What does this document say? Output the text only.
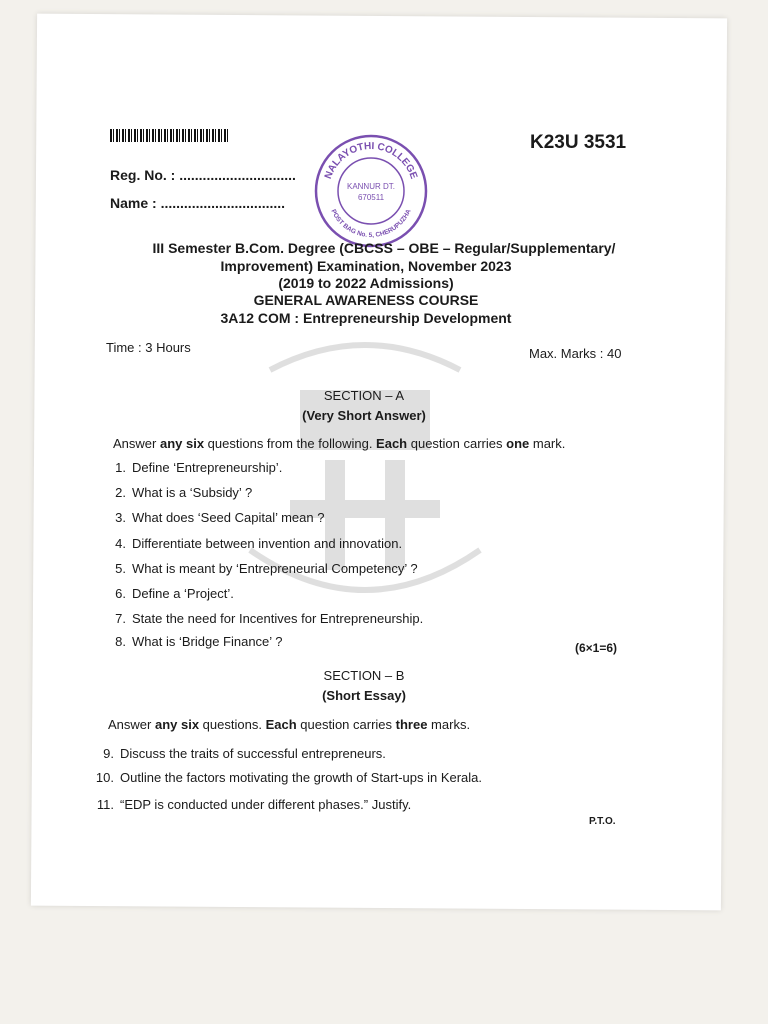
K23U 3531
Reg. No. : ..............................
Name : ................................
NALAYOTHI COLLEGE
POST BAG No. 5, CHERUPUZHA
KANNUR DT.
670511
III Semester B.Com. Degree (CBCSS – OBE – Regular/Supplementary/
Improvement) Examination, November 2023
(2019 to 2022 Admissions)
GENERAL AWARENESS COURSE
3A12 COM : Entrepreneurship Development
Time : 3 Hours	Max. Marks : 40
SECTION – A
(Very Short Answer)
Answer any six questions from the following. Each question carries one mark.
1. Define ‘Entrepreneurship’.
2. What is a ‘Subsidy’ ?
3. What does ‘Seed Capital’ mean ?
4. Differentiate between invention and innovation.
5. What is meant by ‘Entrepreneurial Competency’ ?
6. Define a ‘Project’.
7. State the need for Incentives for Entrepreneurship.
8. What is ‘Bridge Finance’ ?	(6×1=6)
SECTION – B
(Short Essay)
Answer any six questions. Each question carries three marks.
9. Discuss the traits of successful entrepreneurs.
10. Outline the factors motivating the growth of Start-ups in Kerala.
11. “EDP is conducted under different phases.” Justify.
P.T.O.
